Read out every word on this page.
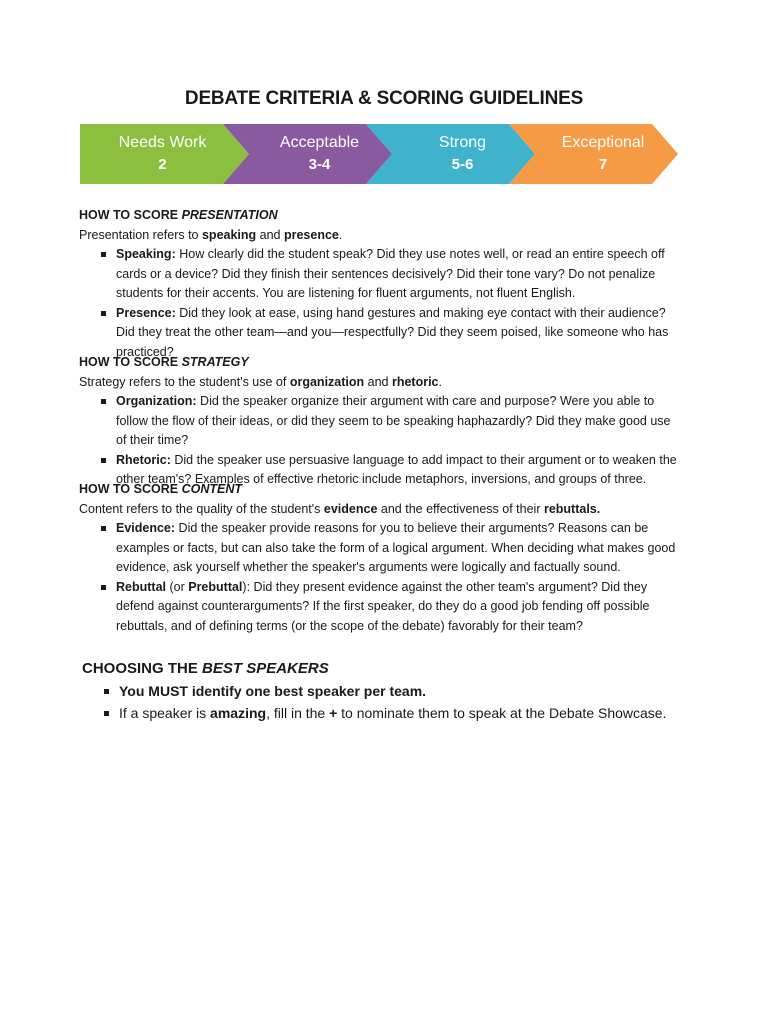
DEBATE CRITERIA & SCORING GUIDELINES
Needs Work
2
Acceptable
3-4
Strong
5-6
Exceptional
7
HOW TO SCORE PRESENTATION
Presentation refers to speaking and presence.
Speaking: How clearly did the student speak? Did they use notes well, or read an entire speech off cards or a device? Did they finish their sentences decisively? Did their tone vary? Do not penalize students for their accents. You are listening for fluent arguments, not fluent English.
Presence: Did they look at ease, using hand gestures and making eye contact with their audience? Did they treat the other team—and you—respectfully? Did they seem poised, like someone who has practiced?
HOW TO SCORE STRATEGY
Strategy refers to the student's use of organization and rhetoric.
Organization: Did the speaker organize their argument with care and purpose? Were you able to follow the flow of their ideas, or did they seem to be speaking haphazardly? Did they make good use of their time?
Rhetoric: Did the speaker use persuasive language to add impact to their argument or to weaken the other team's? Examples of effective rhetoric include metaphors, inversions, and groups of three.
HOW TO SCORE CONTENT
Content refers to the quality of the student's evidence and the effectiveness of their rebuttals.
Evidence: Did the speaker provide reasons for you to believe their arguments? Reasons can be examples or facts, but can also take the form of a logical argument. When deciding what makes good evidence, ask yourself whether the speaker's arguments were logically and factually sound.
Rebuttal (or Prebuttal): Did they present evidence against the other team's argument? Did they defend against counterarguments? If the first speaker, do they do a good job fending off possible rebuttals, and of defining terms (or the scope of the debate) favorably for their team?
CHOOSING THE BEST SPEAKERS
You MUST identify one best speaker per team.
If a speaker is amazing, fill in the + to nominate them to speak at the Debate Showcase.
